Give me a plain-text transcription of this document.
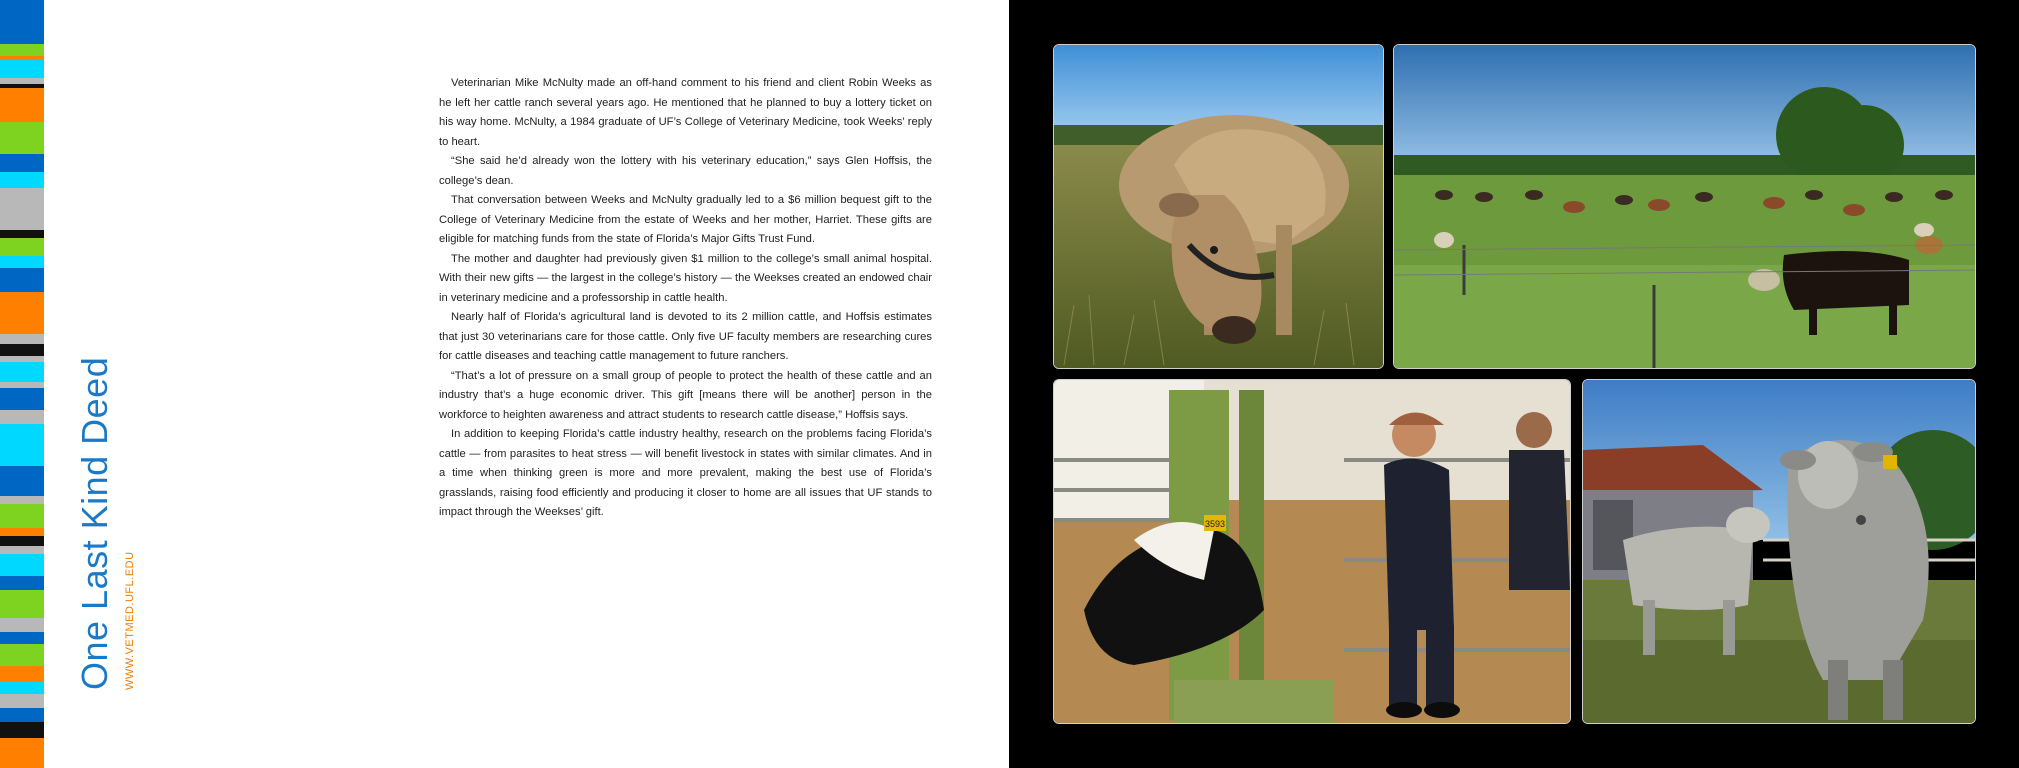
One Last Kind Deed WWW.VETMED.UFL.EDU

Veterinarian Mike McNulty made an off-hand comment to his friend and client Robin Weeks as he left her cattle ranch several years ago. He mentioned that he planned to buy a lottery ticket on his way home. McNulty, a 1984 graduate of UF’s College of Veterinary Medicine, took Weeks’ reply to heart.

“She said he’d already won the lottery with his veterinary education,” says Glen Hoffsis, the college’s dean.

That conversation between Weeks and McNulty gradually led to a $6 million bequest gift to the College of Veterinary Medicine from the estate of Weeks and her mother, Harriet. These gifts are eligible for matching funds from the state of Florida’s Major Gifts Trust Fund.

The mother and daughter had previously given $1 million to the college’s small animal hospital. With their new gifts — the largest in the college’s history — the Weekses created an endowed chair in veterinary medicine and a professorship in cattle health.

Nearly half of Florida’s agricultural land is devoted to its 2 million cattle, and Hoffsis estimates that just 30 veterinarians care for those cattle. Only five UF faculty members are researching cures for cattle diseases and teaching cattle management to future ranchers.

“That’s a lot of pressure on a small group of people to protect the health of these cattle and an industry that’s a huge economic driver. This gift [means there will be another] person in the workforce to heighten awareness and attract students to research cattle disease,” Hoffsis says.

In addition to keeping Florida’s cattle industry healthy, research on the problems facing Florida’s cattle — from parasites to heat stress — will benefit livestock in states with similar climates. And in a time when thinking green is more and more prevalent, making the best use of Florida’s grasslands, raising food efficiently and producing it closer to home are all issues that UF stands to impact through the Weekses’ gift.

3593
